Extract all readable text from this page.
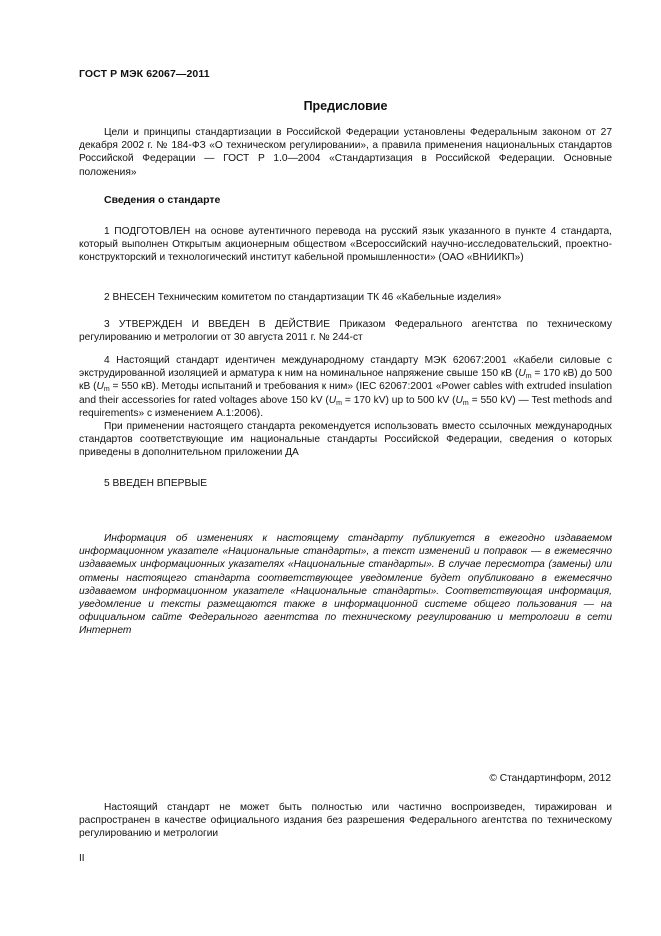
ГОСТ Р МЭК 62067—2011
Предисловие

Цели и принципы стандартизации в Российской Федерации установлены Федеральным законом от 27 декабря 2002 г. № 184-ФЗ «О техническом регулировании», а правила применения национальных стандартов Российской Федерации — ГОСТ Р 1.0—2004 «Стандартизация в Российской Федерации. Основные положения»

Сведения о стандарте

1 ПОДГОТОВЛЕН на основе аутентичного перевода на русский язык указанного в пункте 4 стандарта, который выполнен Открытым акционерным обществом «Всероссийский научно-исследовательский, проектно-конструкторский и технологический институт кабельной промышленности» (ОАО «ВНИИКП»)

2 ВНЕСЕН Техническим комитетом по стандартизации ТК 46 «Кабельные изделия»

3 УТВЕРЖДЕН И ВВЕДЕН В ДЕЙСТВИЕ Приказом Федерального агентства по техническому регулированию и метрологии от 30 августа 2011 г. № 244-ст

4 Настоящий стандарт идентичен международному стандарту МЭК 62067:2001 «Кабели силовые с экструдированной изоляцией и арматура к ним на номинальное напряжение свыше 150 кВ ($U_m = 170$ кВ) до 500 кВ ($U_m = 550$ кВ). Методы испытаний и требования к ним» (IEC 62067:2001 «Power cables with extruded insulation and their accessories for rated voltages above 150 kV ($U_m = 170$ kV) up to 500 kV ($U_m = 550$ kV) — Test methods and requirements» с изменением А.1:2006).

При применении настоящего стандарта рекомендуется использовать вместо ссылочных международных стандартов соответствующие им национальные стандарты Российской Федерации, сведения о которых приведены в дополнительном приложении ДА

5 ВВЕДЕН ВПЕРВЫЕ

Информация об изменениях к настоящему стандарту публикуется в ежегодно издаваемом информационном указателе «Национальные стандарты», а текст изменений и поправок — в ежемесячно издаваемых информационных указателях «Национальные стандарты». В случае пересмотра (замены) или отмены настоящего стандарта соответствующее уведомление будет опубликовано в ежемесячно издаваемом информационном указателе «Национальные стандарты». Соответствующая информация, уведомление и тексты размещаются также в информационной системе общего пользования — на официальном сайте Федерального агентства по техническому регулированию и метрологии в сети Интернет

© Стандартинформ, 2012

Настоящий стандарт не может быть полностью или частично воспроизведен, тиражирован и распространен в качестве официального издания без разрешения Федерального агентства по техническому регулированию и метрологии

II
